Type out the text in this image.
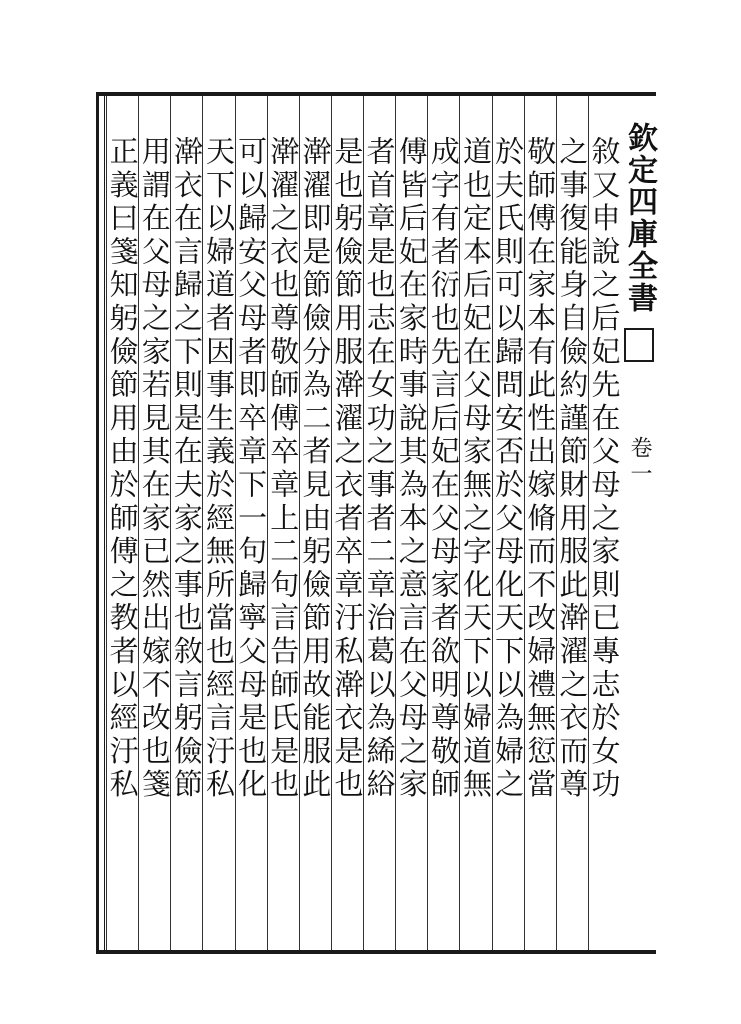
欽定四庫全書
卷一
敘又申說之后妃先在父母之家則已專志於女功
之事復能身自儉約謹節財用服此澣濯之衣而尊
敬師傅在家本有此性出嫁脩而不改婦禮無愆當
於夫氏則可以歸問安否於父母化天下以為婦之
道也定本后妃在父母家無之字化天下以婦道無
成字有者衍也先言后妃在父母家者欲明尊敬師
傅皆后妃在家時事說其為本之意言在父母之家
者首章是也志在女功之事者二章治葛以為絺綌
是也躬儉節用服澣濯之衣者卒章汙私澣衣是也
澣濯即是節儉分為二者見由躬儉節用故能服此
澣濯之衣也尊敬師傅卒章上二句言告師氏是也
可以歸安父母者即卒章下一句歸寧父母是也化
天下以婦道者因事生義於經無所當也經言汙私
澣衣在言歸之下則是在夫家之事也敘言躬儉節
用謂在父母之家若見其在家已然出嫁不改也箋
正義曰箋知躬儉節用由於師傅之教者以經汙私
